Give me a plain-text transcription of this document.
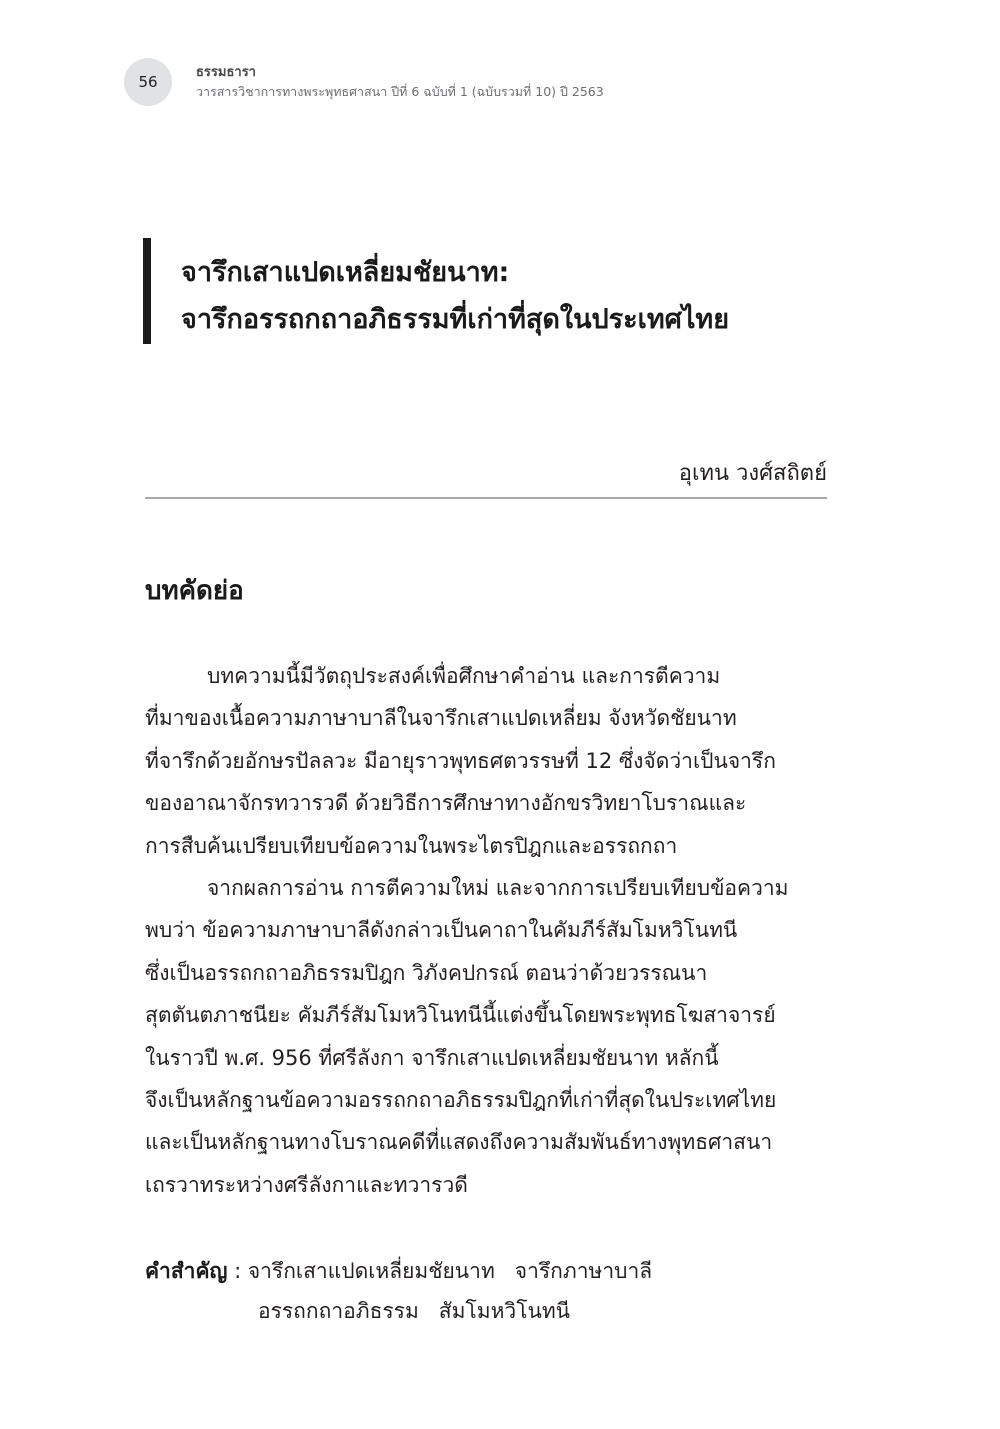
56
ธรรมธารา
วารสารวิชาการทางพระพุทธศาสนา ปีที่ 6 ฉบับที่ 1 (ฉบับรวมที่ 10) ปี 2563
จารึกเสาแปดเหลี่ยมชัยนาท:
จารึกอรรถกถาอภิธรรมที่เก่าที่สุดในประเทศไทย
อุเทน วงศ์สถิตย์
บทคัดย่อ
บทความนี้มีวัตถุประสงค์เพื่อศึกษาคำอ่าน และการตีความ
ที่มาของเนื้อความภาษาบาลีในจารึกเสาแปดเหลี่ยม จังหวัดชัยนาท
ที่จารึกด้วยอักษรปัลลวะ มีอายุราวพุทธศตวรรษที่ 12 ซึ่งจัดว่าเป็นจารึก
ของอาณาจักรทวารวดี ด้วยวิธีการศึกษาทางอักขรวิทยาโบราณและ
การสืบค้นเปรียบเทียบข้อความในพระไตรปิฎกและอรรถกถา
จากผลการอ่าน การตีความใหม่ และจากการเปรียบเทียบข้อความ
พบว่า ข้อความภาษาบาลีดังกล่าวเป็นคาถาในคัมภีร์สัมโมหวิโนทนี
ซึ่งเป็นอรรถกถาอภิธรรมปิฎก วิภังคปกรณ์ ตอนว่าด้วยวรรณนา
สุตตันตภาชนียะ คัมภีร์สัมโมหวิโนทนีนี้แต่งขึ้นโดยพระพุทธโฆสาจารย์
ในราวปี พ.ศ. 956 ที่ศรีลังกา จารึกเสาแปดเหลี่ยมชัยนาท หลักนี้
จึงเป็นหลักฐานข้อความอรรถกถาอภิธรรมปิฎกที่เก่าที่สุดในประเทศไทย
และเป็นหลักฐานทางโบราณคดีที่แสดงถึงความสัมพันธ์ทางพุทธศาสนา
เถรวาทระหว่างศรีลังกาและทวารวดี
คำสำคัญ : จารึกเสาแปดเหลี่ยมชัยนาท จารึกภาษาบาลี
อรรถกถาอภิธรรม สัมโมหวิโนทนี
